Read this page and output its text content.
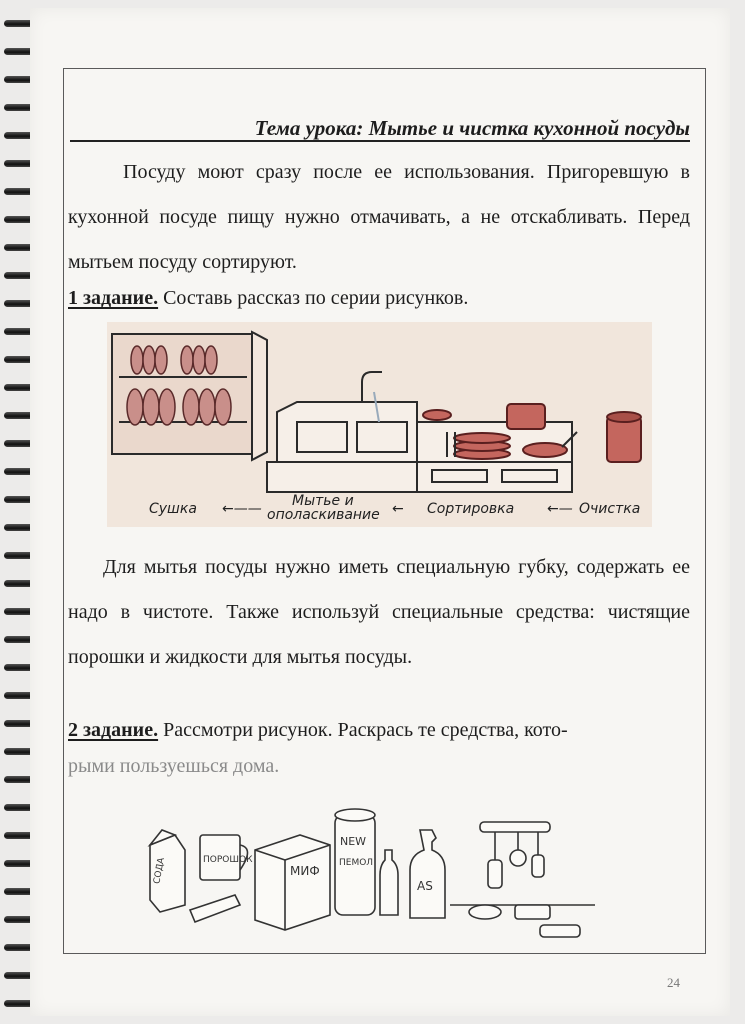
Тема урока: Мытье и чистка кухонной посуды

Посуду моют сразу после ее использования. Пригоревшую в кухонной посуде пищу нужно отмачивать, а не отскабливать. Перед мытьем посуду сортируют.

1 задание. Составь рассказ по серии рисунков.
Сушка ←—— Мытье и
ополаскивание ← Сортировка ←— Очистка

Для мытья посуды нужно иметь специальную губку, содержать ее надо в чистоте. Также используй специальные средства: чистящие порошки и жидкости для мытья посуды.

2 задание. Рассмотри рисунок. Раскрась те средства, кото-
рыми пользуешься дома.
СОДА	ПОРОШОК
МИФ
NEW
ПЕМОЛ
AS
24
